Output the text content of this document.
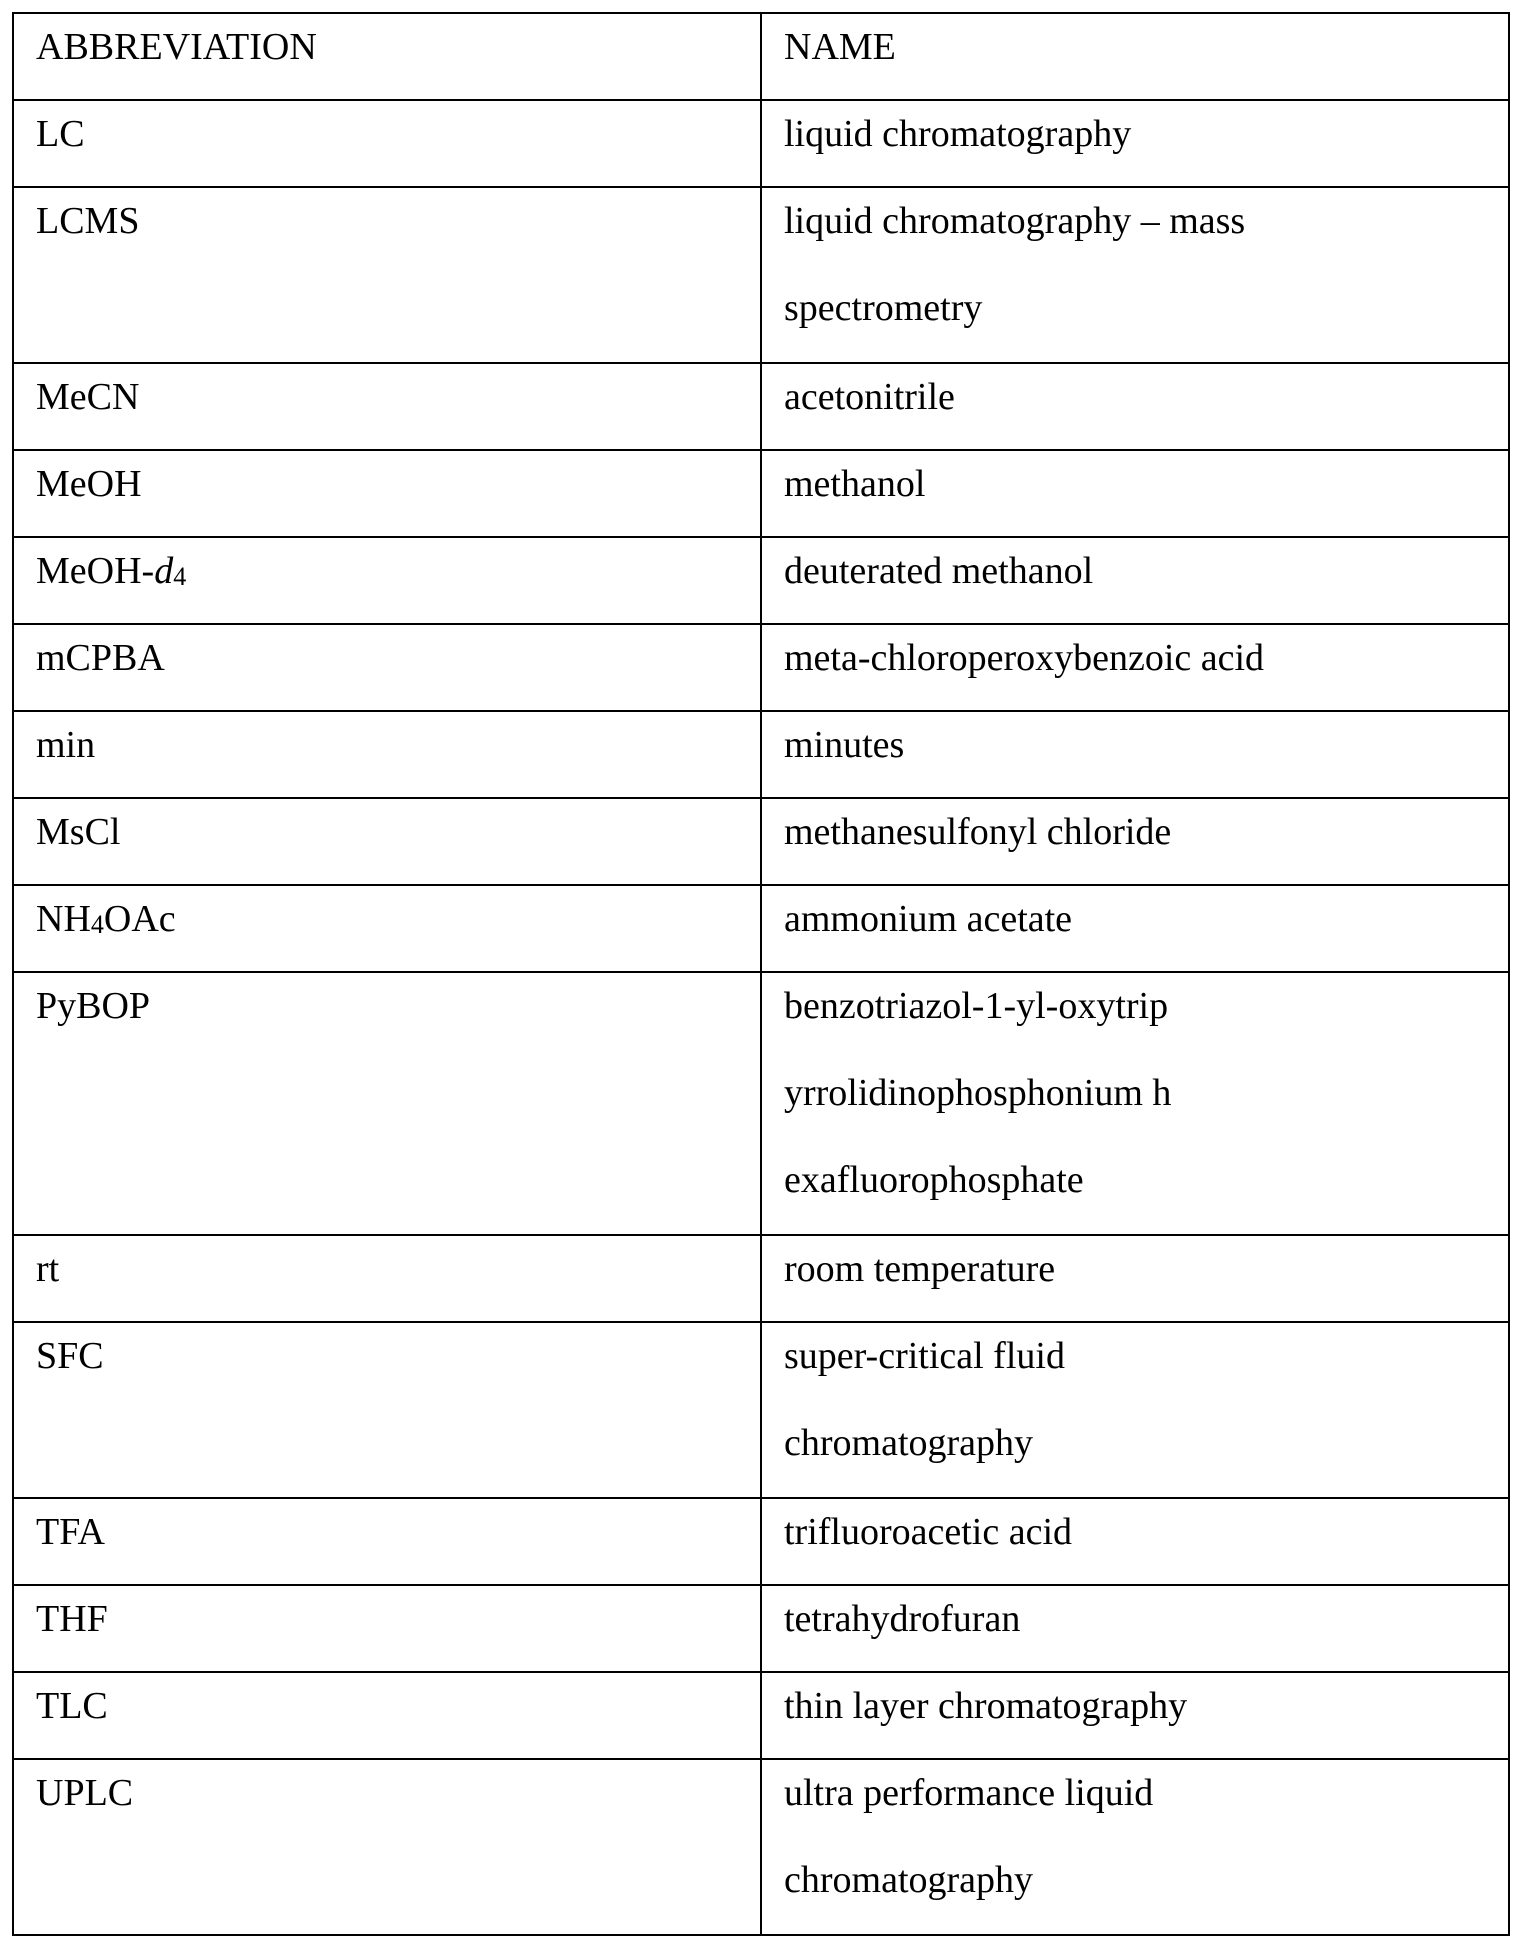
ABBREVIATION	NAME

LC	liquid chromatography

LCMS	liquid chromatography – mass spectrometry

MeCN	acetonitrile

MeOH	methanol

MeOH-d4	deuterated methanol

mCPBA	meta-chloroperoxybenzoic acid

min	minutes

MsCl	methanesulfonyl chloride

NH4OAc	ammonium acetate

PyBOP	benzotriazol-1-yl-oxytripyrrolidinophosphonium hexafluorophosphate

rt	room temperature

SFC	super-critical fluid chromatography

TFA	trifluoroacetic acid

THF	tetrahydrofuran

TLC	thin layer chromatography

UPLC	ultra performance liquid chromatography
